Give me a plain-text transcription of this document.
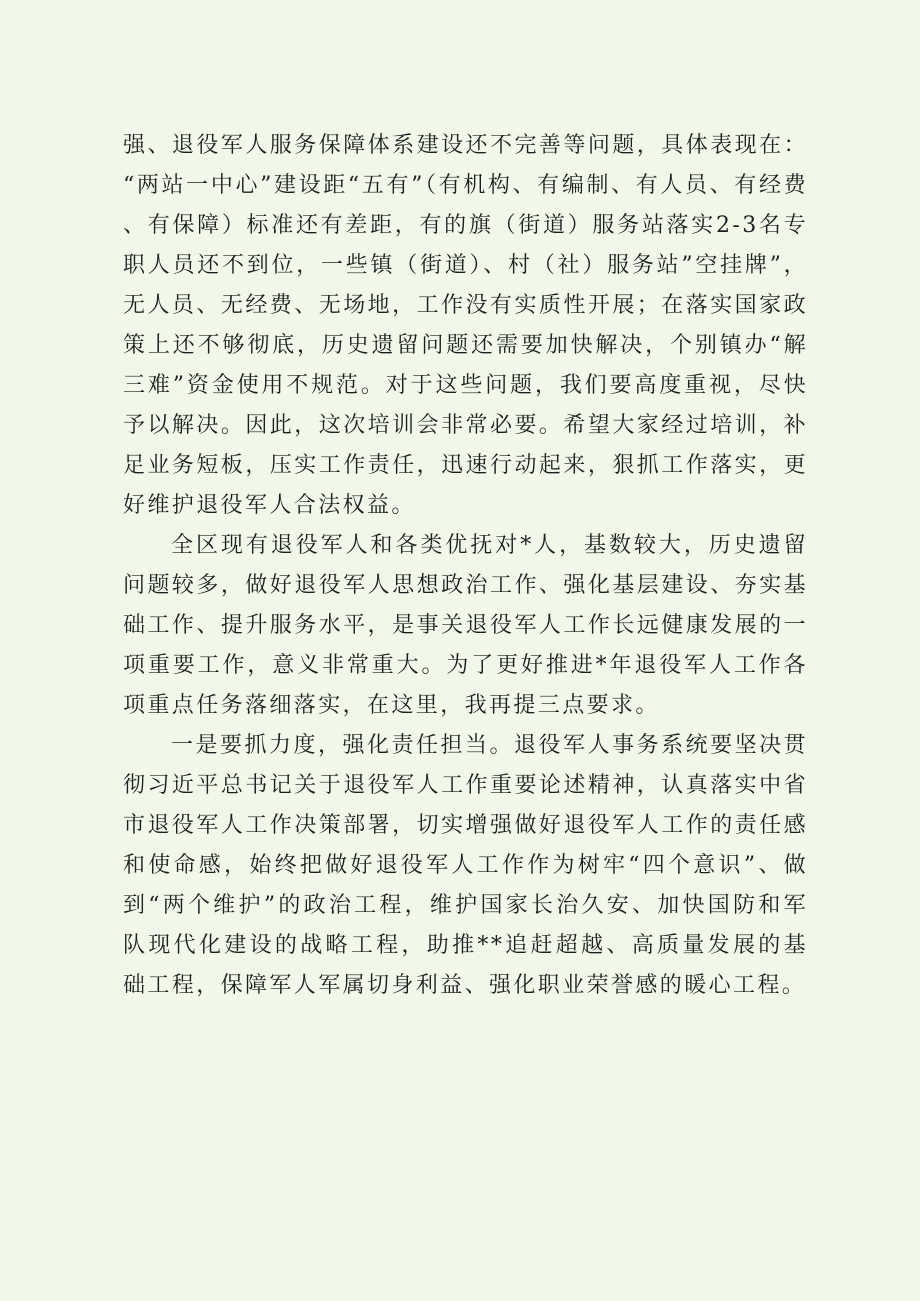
强、退役军人服务保障体系建设还不完善等问题，具体表现在：“两站一中心”建设距“五有”（有机构、有编制、有人员、有经费、有保障）标准还有差距，有的旗（街道）服务站落实2-3名专职人员还不到位，一些镇（街道）、村（社）服务站”空挂牌”，无人员、无经费、无场地，工作没有实质性开展；在落实国家政策上还不够彻底，历史遗留问题还需要加快解决，个别镇办“解三难”资金使用不规范。对于这些问题，我们要高度重视，尽快予以解决。因此，这次培训会非常必要。希望大家经过培训，补足业务短板，压实工作责任，迅速行动起来，狠抓工作落实，更好维护退役军人合法权益。

全区现有退役军人和各类优抚对*人，基数较大，历史遗留问题较多，做好退役军人思想政治工作、强化基层建设、夯实基础工作、提升服务水平，是事关退役军人工作长远健康发展的一项重要工作，意义非常重大。为了更好推进*年退役军人工作各项重点任务落细落实，在这里，我再提三点要求。

一是要抓力度，强化责任担当。退役军人事务系统要坚决贯彻习近平总书记关于退役军人工作重要论述精神，认真落实中省市退役军人工作决策部署，切实增强做好退役军人工作的责任感和使命感，始终把做好退役军人工作作为树牢“四个意识”、做到“两个维护”的政治工程，维护国家长治久安、加快国防和军队现代化建设的战略工程，助推**追赶超越、高质量发展的基础工程，保障军人军属切身利益、强化职业荣誉感的暖心工程。
